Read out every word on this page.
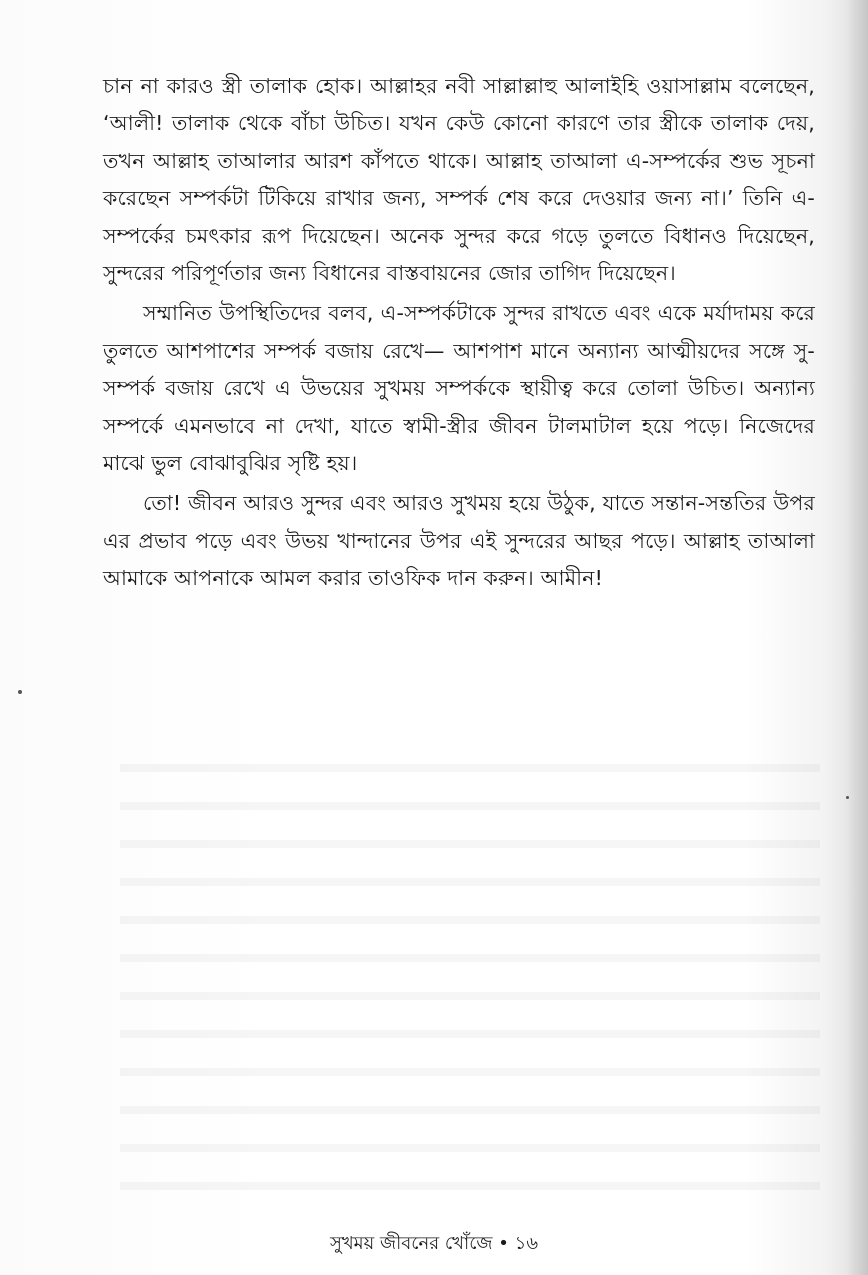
চান না কারও স্ত্রী তালাক হোক। আল্লাহর নবী সাল্লাল্লাহু আলাইহি ওয়াসাল্লাম বলেছেন, ‘আলী! তালাক থেকে বাঁচা উচিত। যখন কেউ কোনো কারণে তার স্ত্রীকে তালাক দেয়, তখন আল্লাহ তাআলার আরশ কাঁপতে থাকে। আল্লাহ তাআলা এ-সম্পর্কের শুভ সূচনা করেছেন সম্পর্কটা টিকিয়ে রাখার জন্য, সম্পর্ক শেষ করে দেওয়ার জন্য না।’ তিনি এ-সম্পর্কের চমৎকার রূপ দিয়েছেন। অনেক সুন্দর করে গড়ে তুলতে বিধানও দিয়েছেন, সুন্দরের পরিপূর্ণতার জন্য বিধানের বাস্তবায়নের জোর তাগিদ দিয়েছেন।

সম্মানিত উপস্থিতিদের বলব, এ-সম্পর্কটাকে সুন্দর রাখতে এবং একে মর্যাদাময় করে তুলতে আশপাশের সম্পর্ক বজায় রেখে— আশপাশ মানে অন্যান্য আত্মীয়দের সঙ্গে সু-সম্পর্ক বজায় রেখে এ উভয়ের সুখময় সম্পর্ককে স্থায়ীত্ব করে তোলা উচিত। অন্যান্য সম্পর্কে এমনভাবে না দেখা, যাতে স্বামী-স্ত্রীর জীবন টালমাটাল হয়ে পড়ে। নিজেদের মাঝে ভুল বোঝাবুঝির সৃষ্টি হয়।

তো! জীবন আরও সুন্দর এবং আরও সুখময় হয়ে উঠুক, যাতে সন্তান-সন্ততির উপর এর প্রভাব পড়ে এবং উভয় খান্দানের উপর এই সুন্দরের আছর পড়ে। আল্লাহ তাআলা আমাকে আপনাকে আমল করার তাওফিক দান করুন। আমীন!

সুখময় জীবনের খোঁজে • ১৬
